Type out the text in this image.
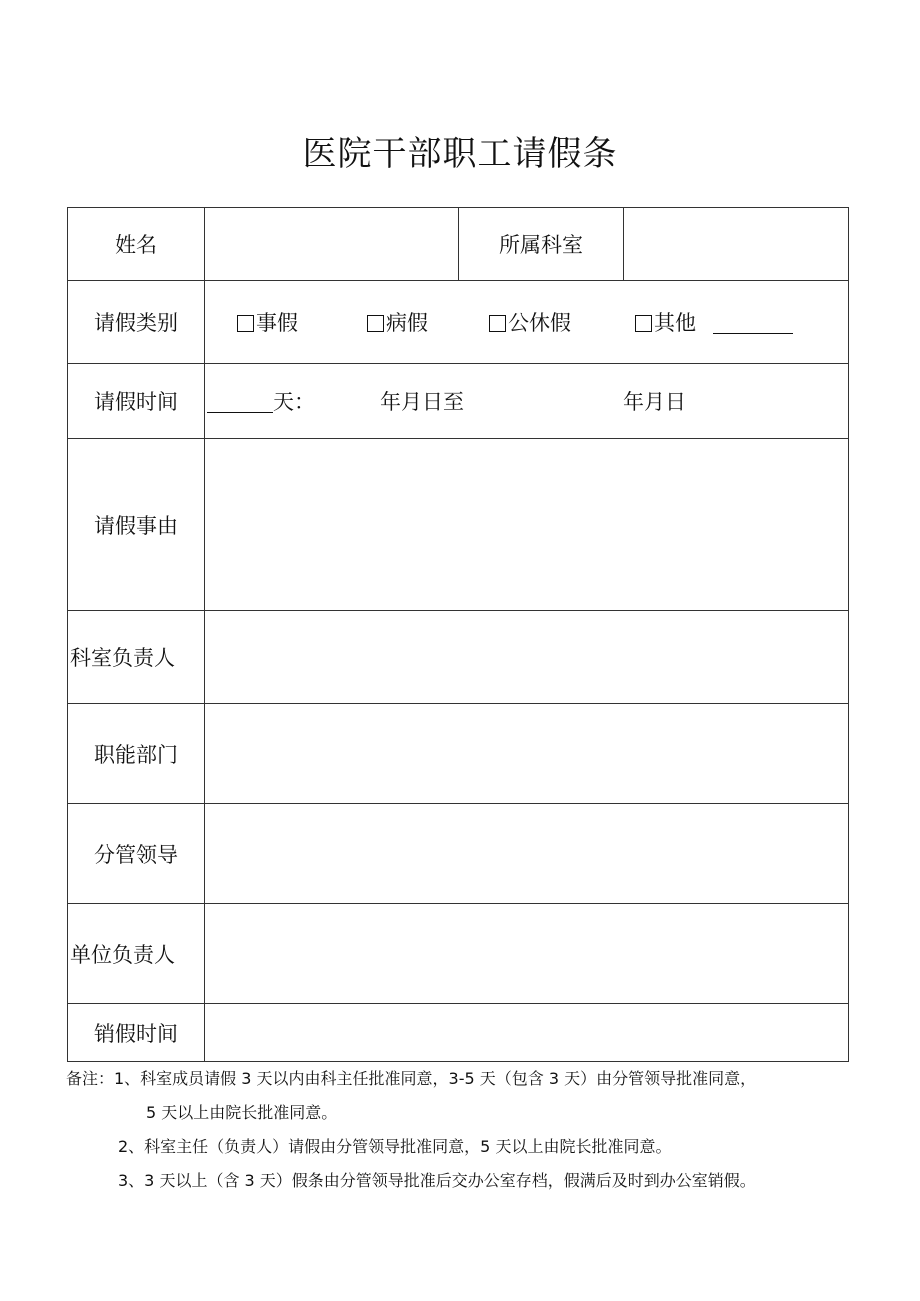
医院干部职工请假条
姓名		所属科室	
请假类别	事假 病假 公休假 其他		

请假时间	天： 年月日至 年月日		

请假事由			
科室负责人			
职能部门			
分管领导			
单位负责人			
销假时间			
备注：1、科室成员请假 3 天以内由科主任批准同意，3-5 天（包含 3 天）由分管领导批准同意，
5 天以上由院长批准同意。
2、科室主任（负责人）请假由分管领导批准同意，5 天以上由院长批准同意。
3、3 天以上（含 3 天）假条由分管领导批准后交办公室存档，假满后及时到办公室销假。
